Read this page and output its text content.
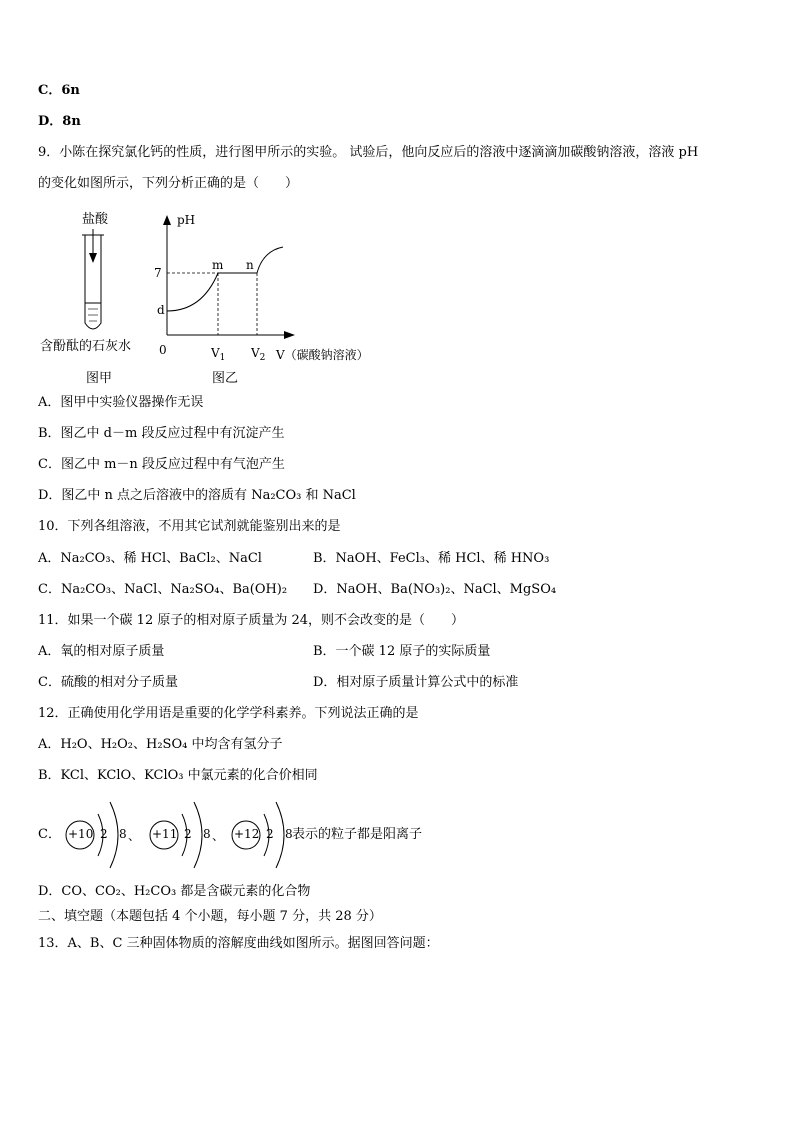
C．6n
D．8n
9．小陈在探究氯化钙的性质，进行图甲所示的实验。 试验后，他向反应后的溶液中逐滴滴加碳酸钠溶液，溶液 pH
的变化如图所示，下列分析正确的是（　　）
盐酸
含酚酞的石灰水
图甲
pH
7
d
0
m n
$V_1$ $V_2$ V（碳酸钠溶液）
图乙
A．图甲中实验仪器操作无误
B．图乙中 d－m 段反应过程中有沉淀产生
C．图乙中 m－n 段反应过程中有气泡产生
D．图乙中 n 点之后溶液中的溶质有 Na₂CO₃ 和 NaCl
10．下列各组溶液，不用其它试剂就能鉴别出来的是
A．Na₂CO₃、稀 HCl、BaCl₂、NaCl	B．NaOH、FeCl₃、稀 HCl、稀 HNO₃
C．Na₂CO₃、NaCl、Na₂SO₄、Ba(OH)₂ D．NaOH、Ba(NO₃)₂、NaCl、MgSO₄
11．如果一个碳 12 原子的相对原子质量为 24，则不会改变的是（　　）
A．氧的相对原子质量	B．一个碳 12 原子的实际质量
C．硫酸的相对分子质量	D．相对原子质量计算公式中的标准
12．正确使用化学用语是重要的化学学科素养。下列说法正确的是
A．H₂O、H₂O₂、H₂SO₄ 中均含有氢分子
B．KCl、KClO、KClO₃ 中氯元素的化合价相同
C． +10 2 8 、 +11 2 8 、 +12 2 8 表示的粒子都是阳离子
D．CO、CO₂、H₂CO₃ 都是含碳元素的化合物
二、填空题（本题包括 4 个小题，每小题 7 分，共 28 分）
13．A、B、C 三种固体物质的溶解度曲线如图所示。据图回答问题：
